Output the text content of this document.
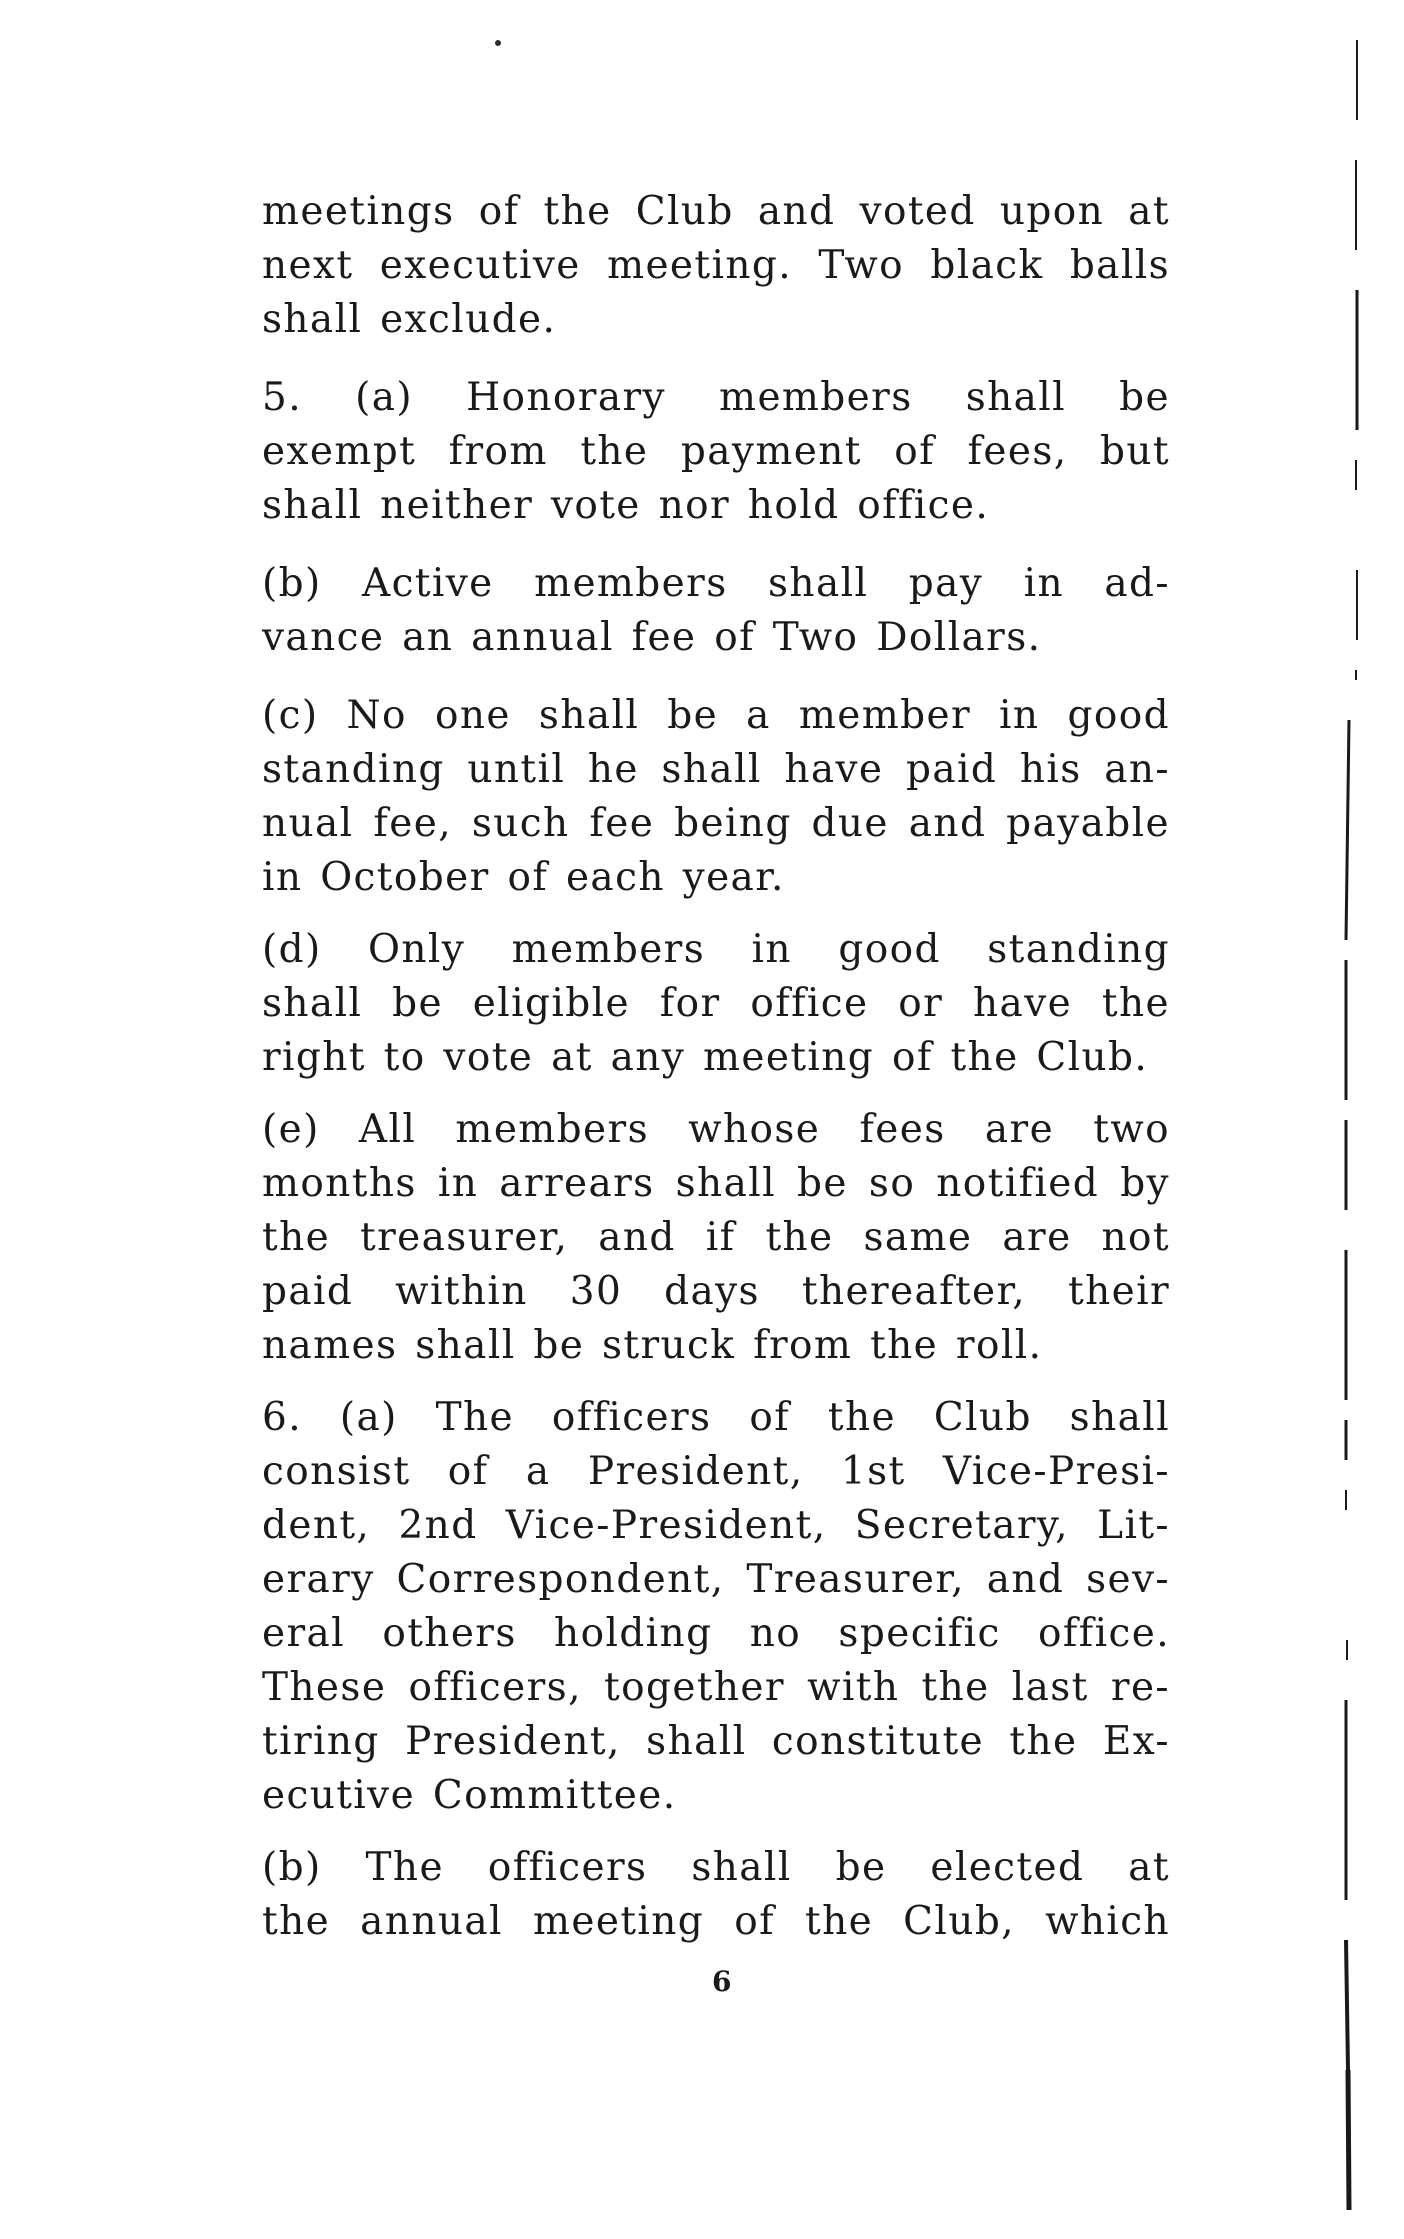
meetings of the Club and voted upon at
next executive meeting. Two black balls
shall exclude.
5. (a) Honorary members shall be
exempt from the payment of fees, but
shall neither vote nor hold office.
(b) Active members shall pay in ad-
vance an annual fee of Two Dollars.
(c) No one shall be a member in good
standing until he shall have paid his an-
nual fee, such fee being due and payable
in October of each year.
(d) Only members in good standing
shall be eligible for office or have the
right to vote at any meeting of the Club.
(e) All members whose fees are two
months in arrears shall be so notified by
the treasurer, and if the same are not
paid within 30 days thereafter, their
names shall be struck from the roll.
6. (a) The officers of the Club shall
consist of a President, 1st Vice-Presi-
dent, 2nd Vice-President, Secretary, Lit-
erary Correspondent, Treasurer, and sev-
eral others holding no specific office.
These officers, together with the last re-
tiring President, shall constitute the Ex-
ecutive Committee.
(b) The officers shall be elected at
the annual meeting of the Club, which
6
